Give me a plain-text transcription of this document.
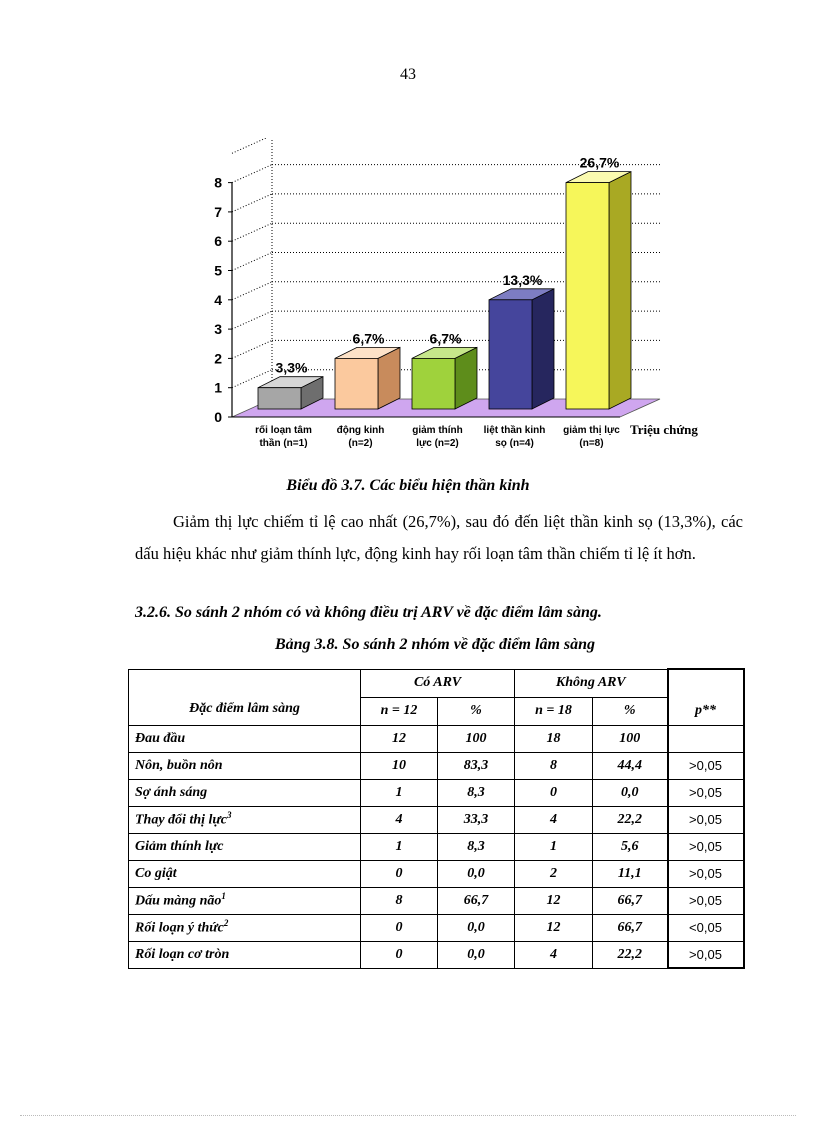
43
0
1
2
3
4
5
6
7
8
3,3%
rối loạn tâm
thần (n=1)
6,7%
động kinh
(n=2)
6,7%
giảm thính
lực (n=2)
13,3%
liệt thần kinh
sọ (n=4)
26,7%
giảm thị lực
(n=8)
Triệu chứng
Biểu đồ 3.7. Các biểu hiện thần kinh

Giảm thị lực chiếm tỉ lệ cao nhất (26,7%), sau đó đến liệt thần kinh sọ (13,3%), các dấu hiệu khác như giảm thính lực, động kinh hay rối loạn tâm thần chiếm tỉ lệ ít hơn.

3.2.6. So sánh 2 nhóm có và không điều trị ARV về đặc điểm lâm sàng.

Bảng 3.8. So sánh 2 nhóm về đặc điểm lâm sàng
Đặc điểm lâm sàng	Có ARV		Không ARV		p**
	n = 12	%	n = 18	%	
Đau đầu	12	100	18	100	
Nôn, buồn nôn	10	83,3	8	44,4	>0,05
Sợ ánh sáng	1	8,3	0	0,0	>0,05
Thay đổi thị lực$^3$	4	33,3	4	22,2	>0,05
Giảm thính lực	1	8,3	1	5,6	>0,05
Co giật	0	0,0	2	11,1	>0,05
Dấu màng não$^1$	8	66,7	12	66,7	>0,05
Rối loạn ý thức$^2$	0	0,0	12	66,7	<0,05
Rối loạn cơ tròn	0	0,0	4	22,2	>0,05
